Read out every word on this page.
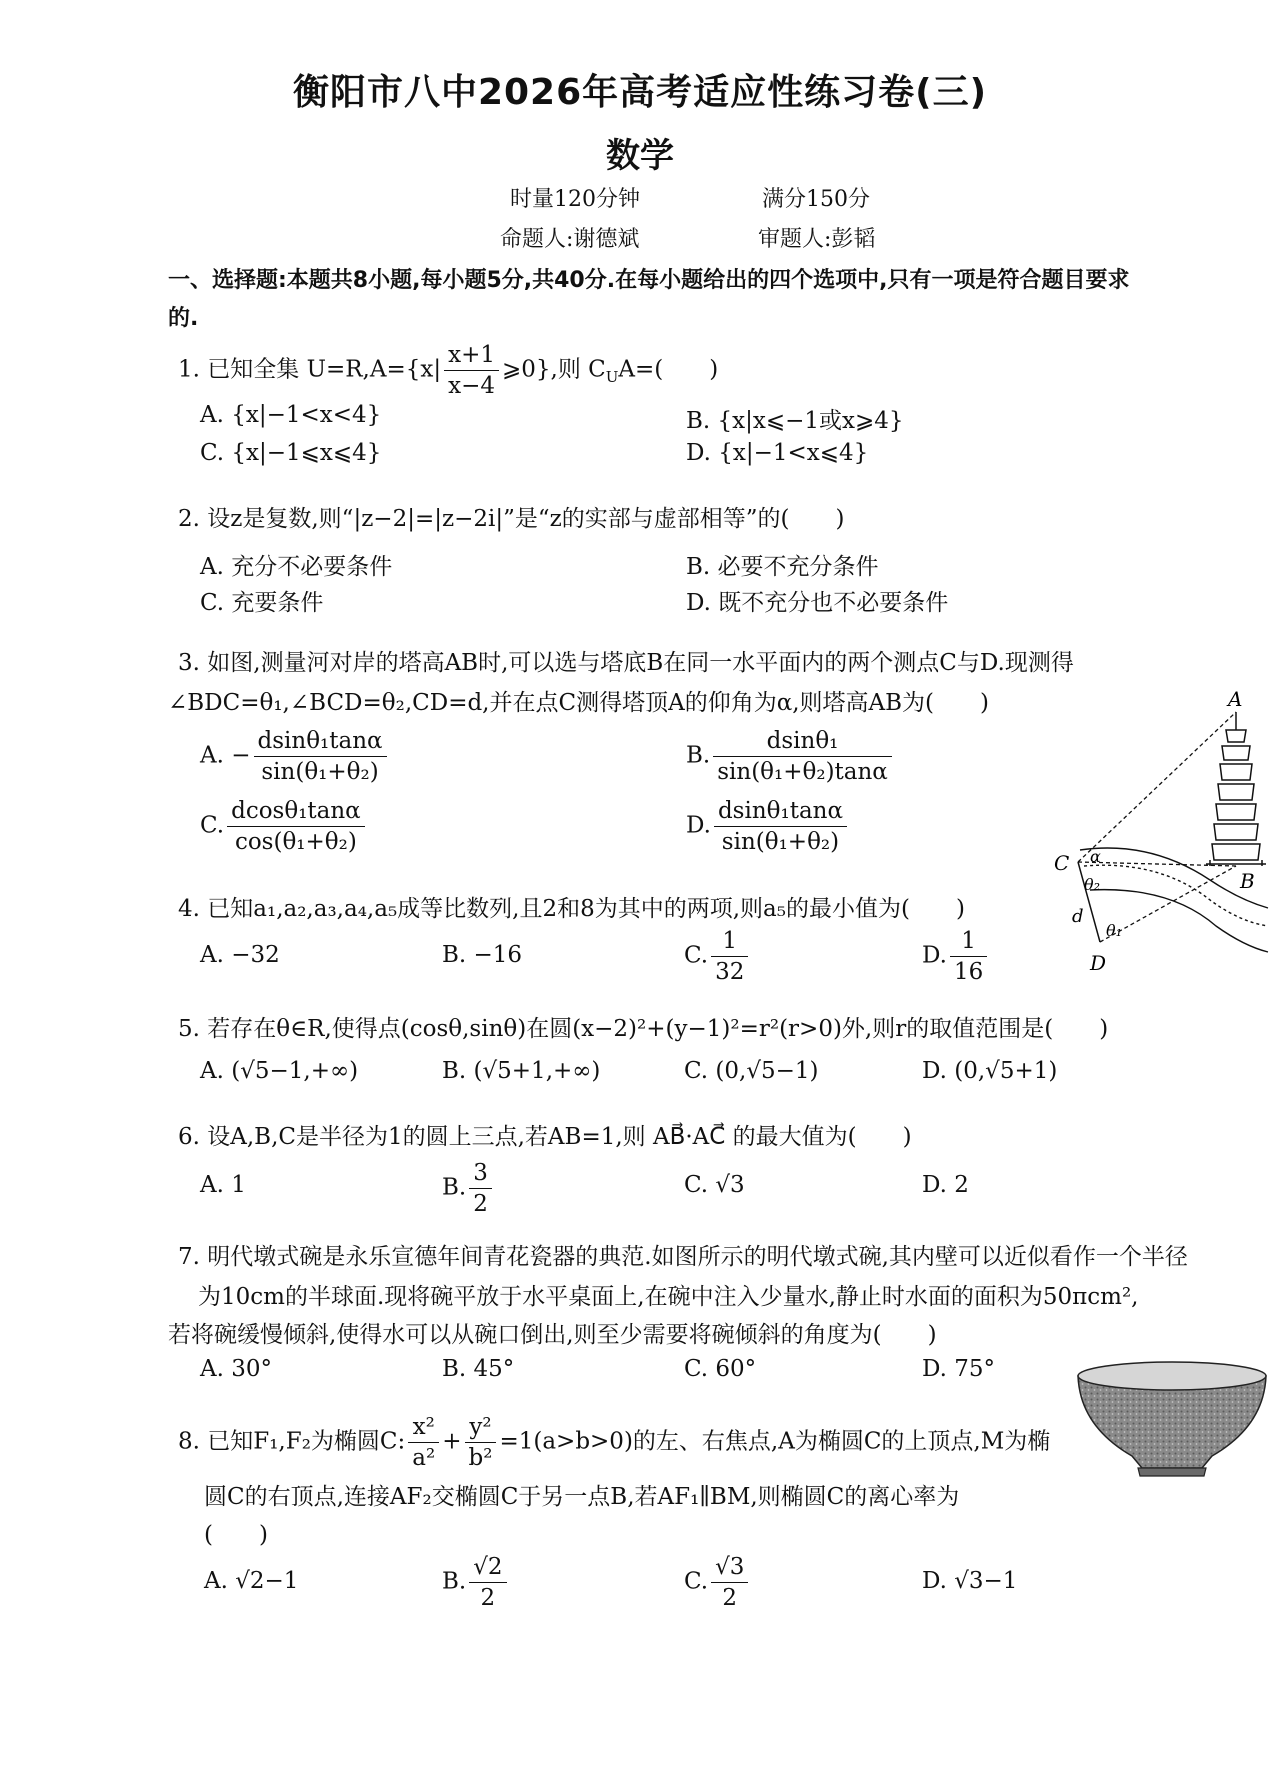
衡阳市八中2026年高考适应性练习卷(三)
数学
时量120分钟	满分150分
命题人:谢德斌	审题人:彭韬
一、选择题:本题共8小题,每小题5分,共40分.在每小题给出的四个选项中,只有一项是符合题目要求
的.
1. 已知全集 $U=R,A=\{x| \frac{x+1}{x-4}$ ⩾0},则 $C_UA=$(　　)
A. {x|−1<x<4}	B. {x|x⩽−1或x⩾4}
C. {x|−1⩽x⩽4}	D. {x|−1<x⩽4}
2. 设z是复数,则“|z−2|=|z−2i|”是“z的实部与虚部相等”的(　　)
A. 充分不必要条件	B. 必要不充分条件
C. 充要条件	D. 既不充分也不必要条件
3. 如图,测量河对岸的塔高AB时,可以选与塔底B在同一水平面内的两个测点C与D.现测得
∠BDC=θ₁,∠BCD=θ₂,CD=d,并在点C测得塔顶A的仰角为α,则塔高AB为(　　)
A. − $\frac{\text{dsinθ₁tanα}}{\text{sin(θ₁+θ₂)}}$	B. $\frac{\text{dsinθ₁}}{\text{sin(θ₁+θ₂)tanα}}$
C. $\frac{\text{dcosθ₁tanα}}{\text{cos(θ₁+θ₂)}}$	D. $\frac{\text{dsinθ₁tanα}}{\text{sin(θ₁+θ₂)}}$
A
B
C
D
α
θ₂
θ₁
d
4. 已知a₁,a₂,a₃,a₄,a₅成等比数列,且2和8为其中的两项,则a₅的最小值为(　　)
A. −32	B. −16	C. $\frac{1}{32}$	D. $\frac{1}{16}$
5. 若存在θ∈R,使得点(cosθ,sinθ)在圆(x−2)²+(y−1)²=r²(r>0)外,则r的取值范围是(　　)
A. (√5−1,+∞)	B. (√5+1,+∞)	C. (0,√5−1)	D. (0,√5+1)
6. 设A,B,C是半径为1的圆上三点,若AB=1,则 AB⃗·AC⃗ 的最大值为(　　)
A. 1	B. $\frac{3}{2}$	C. √3	D. 2
7. 明代墩式碗是永乐宣德年间青花瓷器的典范.如图所示的明代墩式碗,其内壁可以近似看作一个半径
为10cm的半球面.现将碗平放于水平桌面上,在碗中注入少量水,静止时水面的面积为50πcm²,
若将碗缓慢倾斜,使得水可以从碗口倒出,则至少需要将碗倾斜的角度为(　　)
A. 30°	B. 45°	C. 60°	D. 75°
8. 已知F₁,F₂为椭圆C: $\frac{\text{x²}}{\text{a²}} + \frac{\text{y²}}{\text{b²}} =1(a>b>0)$的左、右焦点,A为椭圆C的上顶点,M为椭
圆C的右顶点,连接AF₂交椭圆C于另一点B,若AF₁∥BM,则椭圆C的离心率为
(　　)
A. √2−1	B. $\frac{√2}{2}$	C. $\frac{√3}{2}$	D. √3−1
